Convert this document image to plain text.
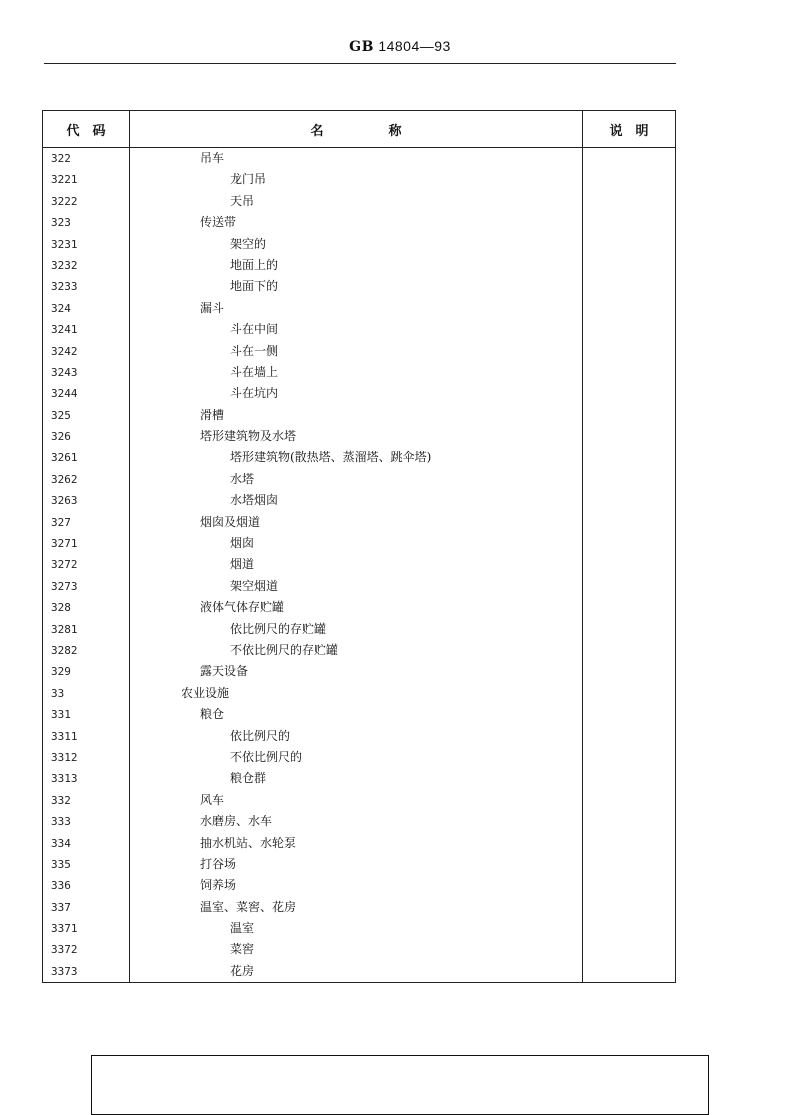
GB 14804—93
代　码	名　　　　　称	说　明
322	吊车
3221	龙门吊
3222	天吊
323	传送带
3231	架空的
3232	地面上的
3233	地面下的
324	漏斗
3241	斗在中间
3242	斗在一侧
3243	斗在墙上
3244	斗在坑内
325	滑槽
326	塔形建筑物及水塔
3261	塔形建筑物(散热塔、蒸溜塔、跳伞塔)
3262	水塔
3263	水塔烟囱
327	烟囱及烟道
3271	烟囱
3272	烟道
3273	架空烟道
328	液体气体存贮罐
3281	依比例尺的存贮罐
3282	不依比例尺的存贮罐
329	露天设备
33	农业设施
331	粮仓
3311	依比例尺的
3312	不依比例尺的
3313	粮仓群
332	风车
333	水磨房、水车
334	抽水机站、水轮泵
335	打谷场
336	饲养场
337	温室、菜窖、花房
3371	温室
3372	菜窖
3373	花房
